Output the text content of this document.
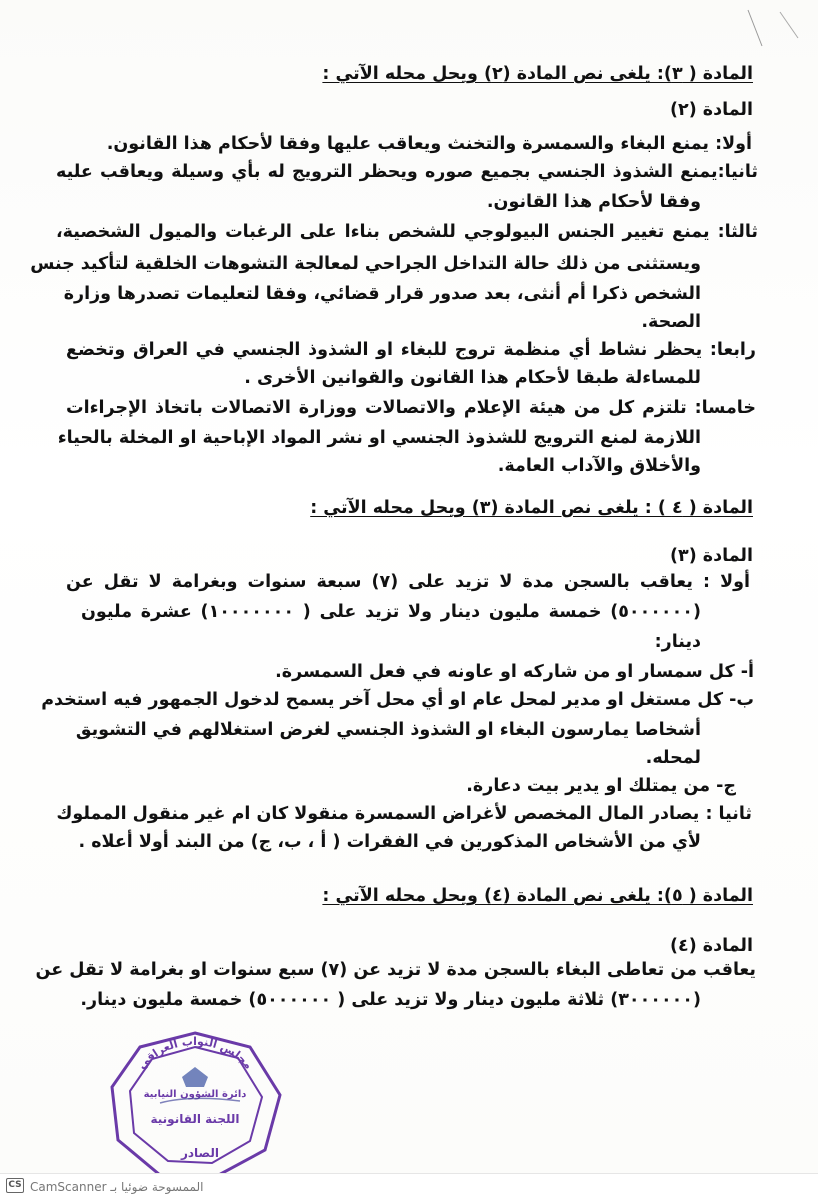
المادة ( ٣): يلغى نص المادة (٢) ويحل محله الآتي :
المادة (٢)
أولا: يمنع البغاء والسمسرة والتخنث ويعاقب عليها وفقا لأحكام هذا القانون.
ثانيا:يمنع الشذوذ الجنسي بجميع صوره ويحظر الترويج له بأي وسيلة ويعاقب عليه
وفقا لأحكام هذا القانون.
ثالثا: يمنع تغيير الجنس البيولوجي للشخص بناءا على الرغبات والميول الشخصية،
ويستثنى من ذلك حالة التداخل الجراحي لمعالجة التشوهات الخلقية لتأكيد جنس
الشخص ذكرا أم أنثى، بعد صدور قرار قضائي، وفقا لتعليمات تصدرها وزارة
الصحة.
رابعا: يحظر نشاط أي منظمة تروج للبغاء او الشذوذ الجنسي في العراق وتخضع
للمساءلة طبقا لأحكام هذا القانون والقوانين الأخرى .
خامسا: تلتزم كل من هيئة الإعلام والاتصالات ووزارة الاتصالات باتخاذ الإجراءات
اللازمة لمنع الترويج للشذوذ الجنسي او نشر المواد الإباحية او المخلة بالحياء
والأخلاق والآداب العامة.
المادة ( ٤ ) : يلغى نص المادة (٣) ويحل محله الآتي :
المادة (٣)
أولا : يعاقب بالسجن مدة لا تزيد على (٧) سبعة سنوات وبغرامة لا تقل عن
(٥٠٠٠٠٠٠) خمسة مليون دينار ولا تزيد على ( ١٠٠٠٠٠٠٠) عشرة مليون
دينار:
أ‌- كل سمسار او من شاركه او عاونه في فعل السمسرة.
ب‌- كل مستغل او مدير لمحل عام او أي محل آخر يسمح لدخول الجمهور فيه استخدم
أشخاصا يمارسون البغاء او الشذوذ الجنسي لغرض استغلالهم في التشويق
لمحله.
ج‌- من يمتلك او يدير بيت دعارة.
ثانيا : يصادر المال المخصص لأغراض السمسرة منقولا كان ام غير منقول المملوك
لأي من الأشخاص المذكورين في الفقرات ( أ ، ب، ج) من البند أولا أعلاه .
المادة ( ٥): يلغى نص المادة (٤) ويحل محله الآتي :
المادة (٤)
يعاقب من تعاطى البغاء بالسجن مدة لا تزيد عن (٧) سبع سنوات او بغرامة لا تقل عن
(٣٠٠٠٠٠٠) ثلاثة مليون دينار ولا تزيد على ( ٥٠٠٠٠٠٠) خمسة مليون دينار.
مجلس النواب العراقي
دائرة الشؤون النيابية
اللجنة القانونية
الصادر
CS CamScanner الممسوحة ضوئيا بـ
